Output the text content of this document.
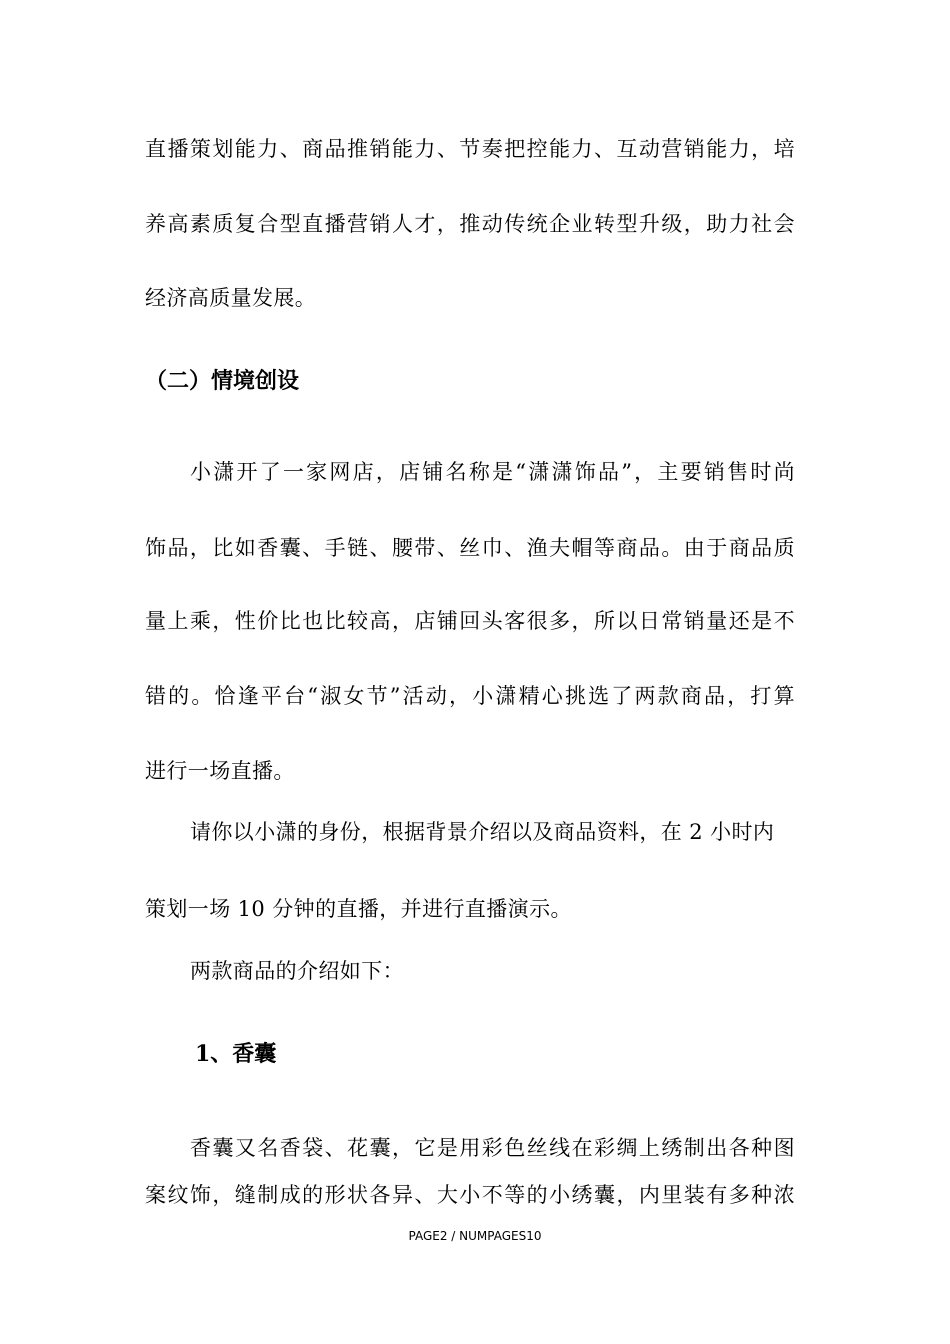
直播策划能力、商品推销能力、节奏把控能力、互动营销能力，培
养高素质复合型直播营销人才，推动传统企业转型升级，助力社会
经济高质量发展。
（二）情境创设
小潇开了一家网店，店铺名称是“潇潇饰品”，主要销售时尚
饰品，比如香囊、手链、腰带、丝巾、渔夫帽等商品。由于商品质
量上乘，性价比也比较高，店铺回头客很多，所以日常销量还是不
错的。恰逢平台“淑女节”活动，小潇精心挑选了两款商品，打算
进行一场直播。
请你以小潇的身份，根据背景介绍以及商品资料，在 2 小时内
策划一场 10 分钟的直播，并进行直播演示。
两款商品的介绍如下：
1、香囊
香囊又名香袋、花囊，它是用彩色丝线在彩绸上绣制出各种图
案纹饰，缝制成的形状各异、大小不等的小绣囊，内里装有多种浓
PAGE2 / NUMPAGES10
